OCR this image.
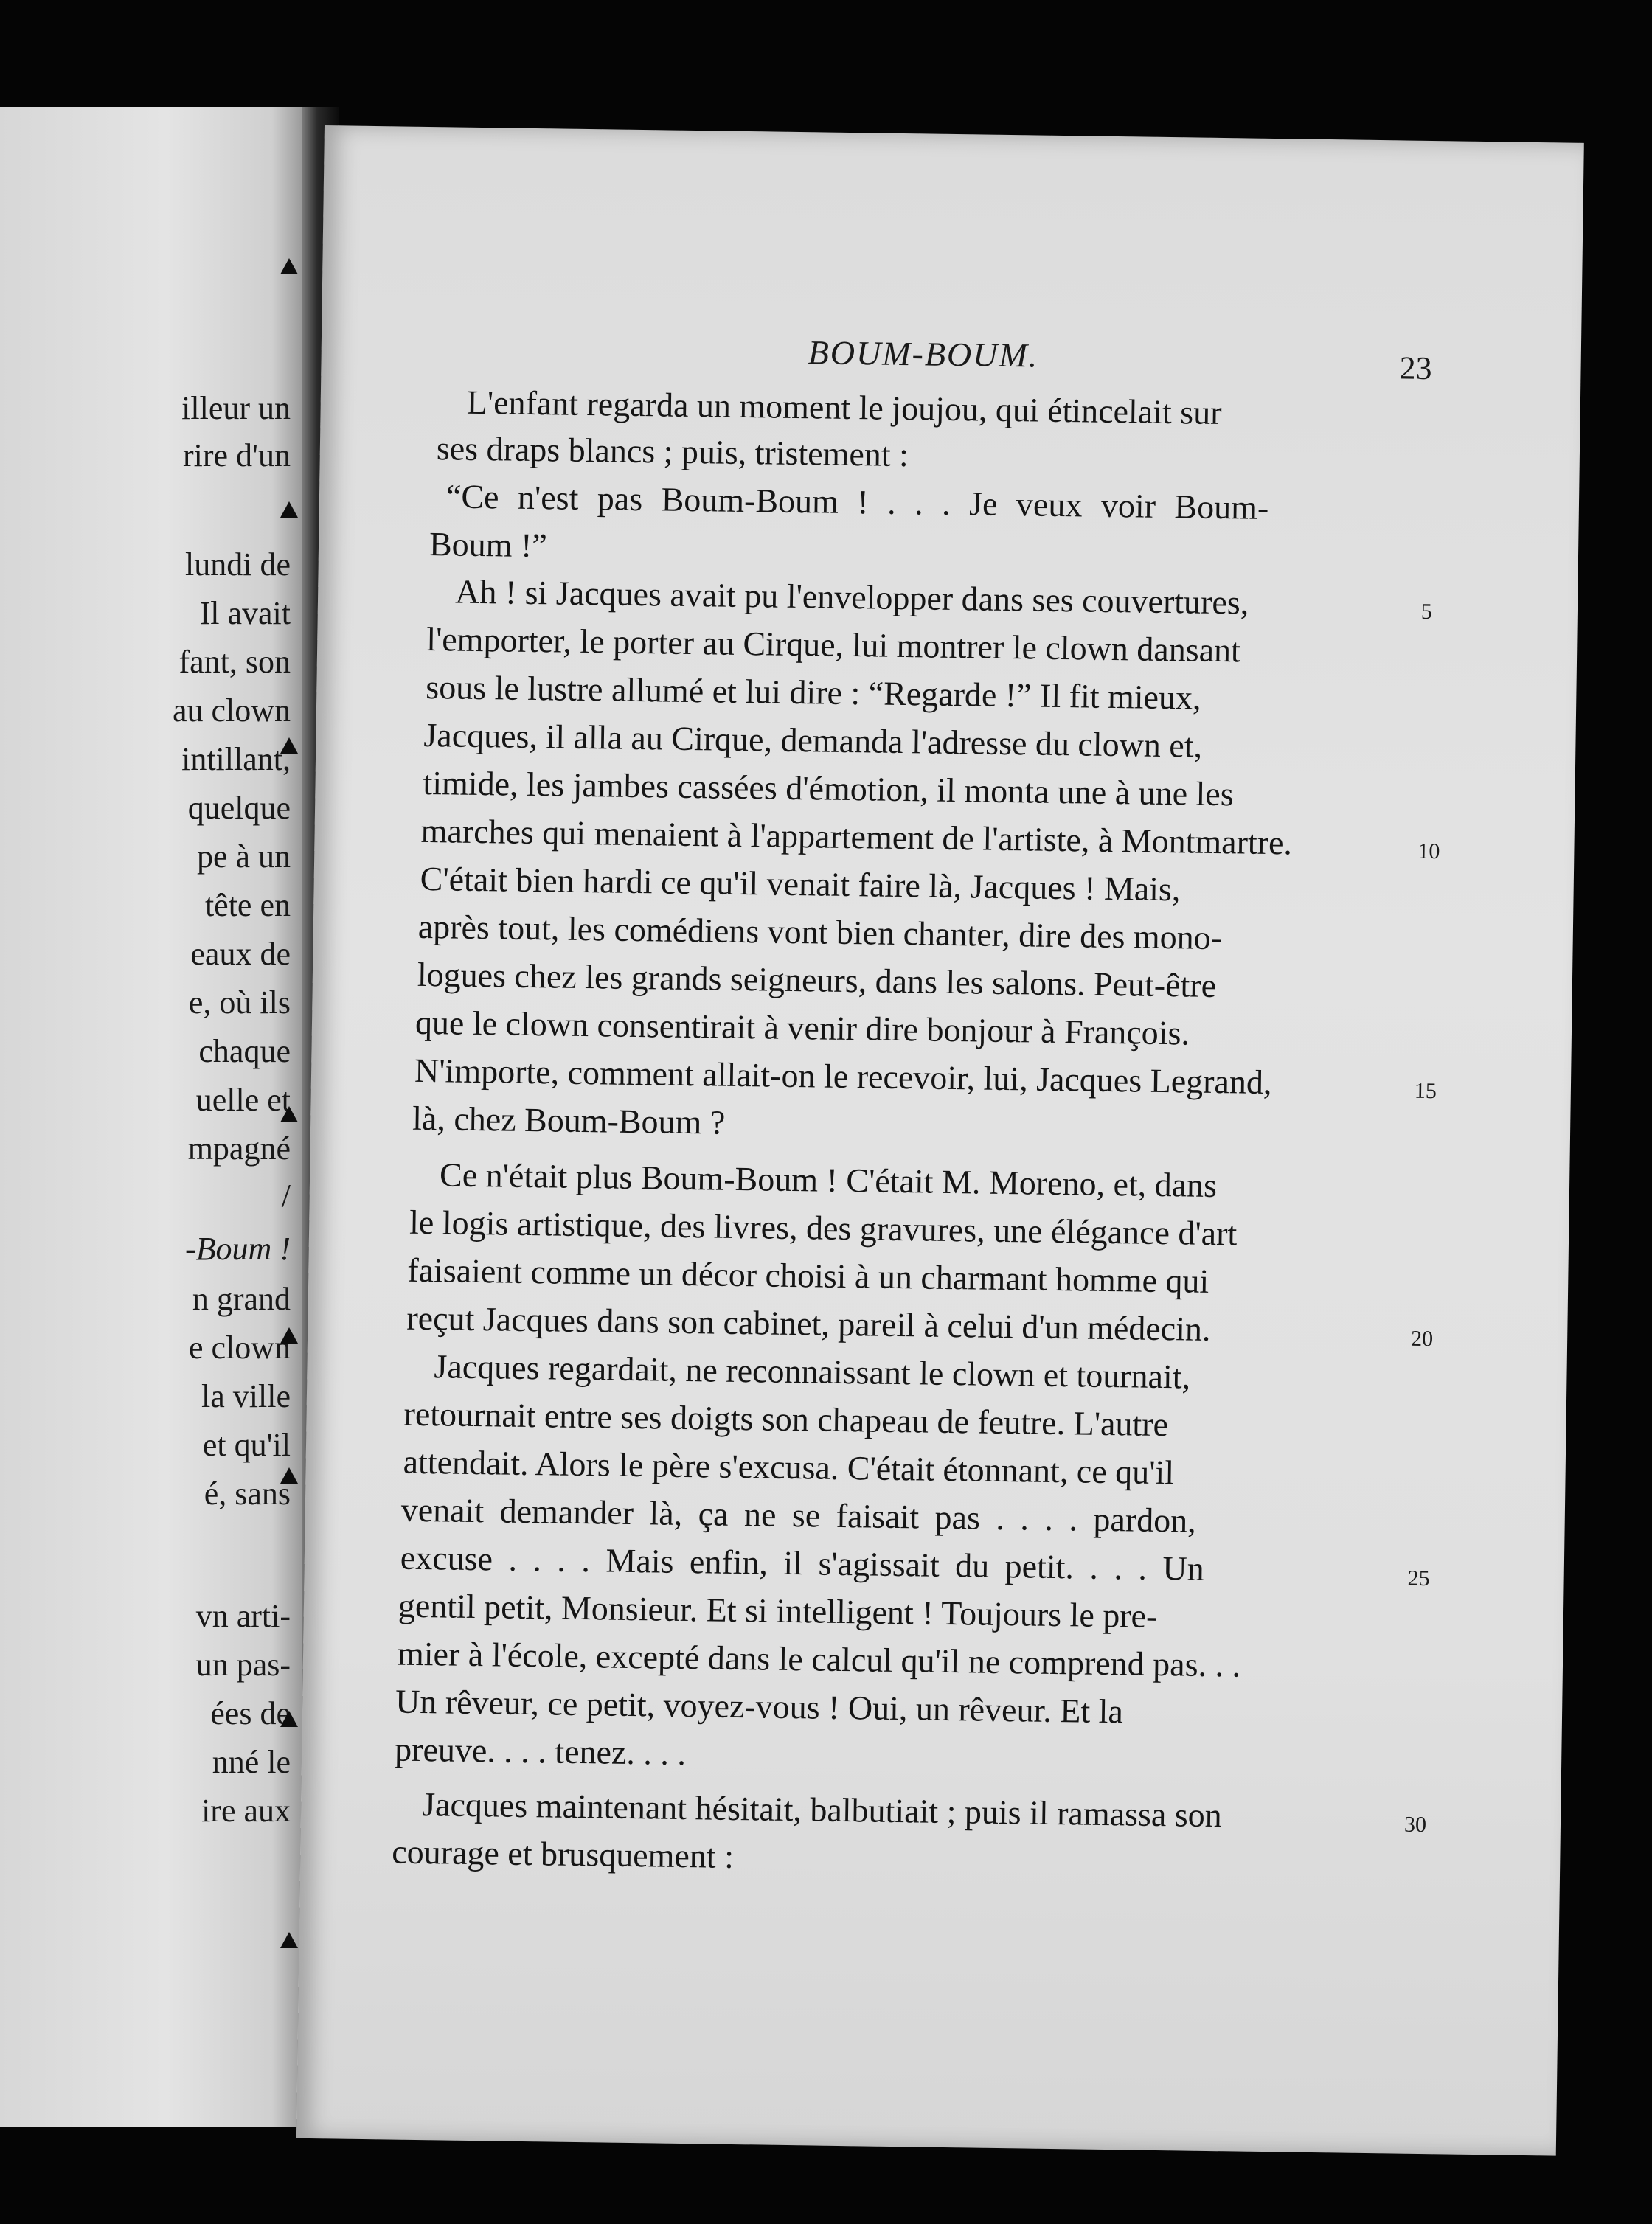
illeur un
rire d'un
lundi de
Il avait
fant, son
au clown
intillant,
quelque
pe à un
tête en
eaux de
e, où ils
chaque
uelle et
mpagné
/
-Boum !
n grand
e clown
la ville
et qu'il
é, sans
vn arti-
un pas-
ées de
nné le
ire aux
BOUM-BOUM.	23
L'enfant regarda un moment le joujou, qui étincelait sur
ses draps blancs ; puis, tristement :
“Ce n'est pas Boum-Boum ! . . . Je veux voir Boum-
Boum !”
Ah ! si Jacques avait pu l'envelopper dans ses couvertures,
l'emporter, le porter au Cirque, lui montrer le clown dansant
sous le lustre allumé et lui dire : “Regarde !” Il fit mieux,
Jacques, il alla au Cirque, demanda l'adresse du clown et,
timide, les jambes cassées d'émotion, il monta une à une les
marches qui menaient à l'appartement de l'artiste, à Montmartre.
C'était bien hardi ce qu'il venait faire là, Jacques ! Mais,
après tout, les comédiens vont bien chanter, dire des mono-
logues chez les grands seigneurs, dans les salons. Peut-être
que le clown consentirait à venir dire bonjour à François.
N'importe, comment allait-on le recevoir, lui, Jacques Legrand,
là, chez Boum-Boum ?
Ce n'était plus Boum-Boum ! C'était M. Moreno, et, dans
le logis artistique, des livres, des gravures, une élégance d'art
faisaient comme un décor choisi à un charmant homme qui
reçut Jacques dans son cabinet, pareil à celui d'un médecin.
Jacques regardait, ne reconnaissant le clown et tournait,
retournait entre ses doigts son chapeau de feutre. L'autre
attendait. Alors le père s'excusa. C'était étonnant, ce qu'il
venait demander là, ça ne se faisait pas . . . . pardon,
excuse . . . . Mais enfin, il s'agissait du petit. . . . Un
gentil petit, Monsieur. Et si intelligent ! Toujours le pre-
mier à l'école, excepté dans le calcul qu'il ne comprend pas. . .
Un rêveur, ce petit, voyez-vous ! Oui, un rêveur. Et la
preuve. . . . tenez. . . .
Jacques maintenant hésitait, balbutiait ; puis il ramassa son
courage et brusquement :
5
10
15
20
25
30
